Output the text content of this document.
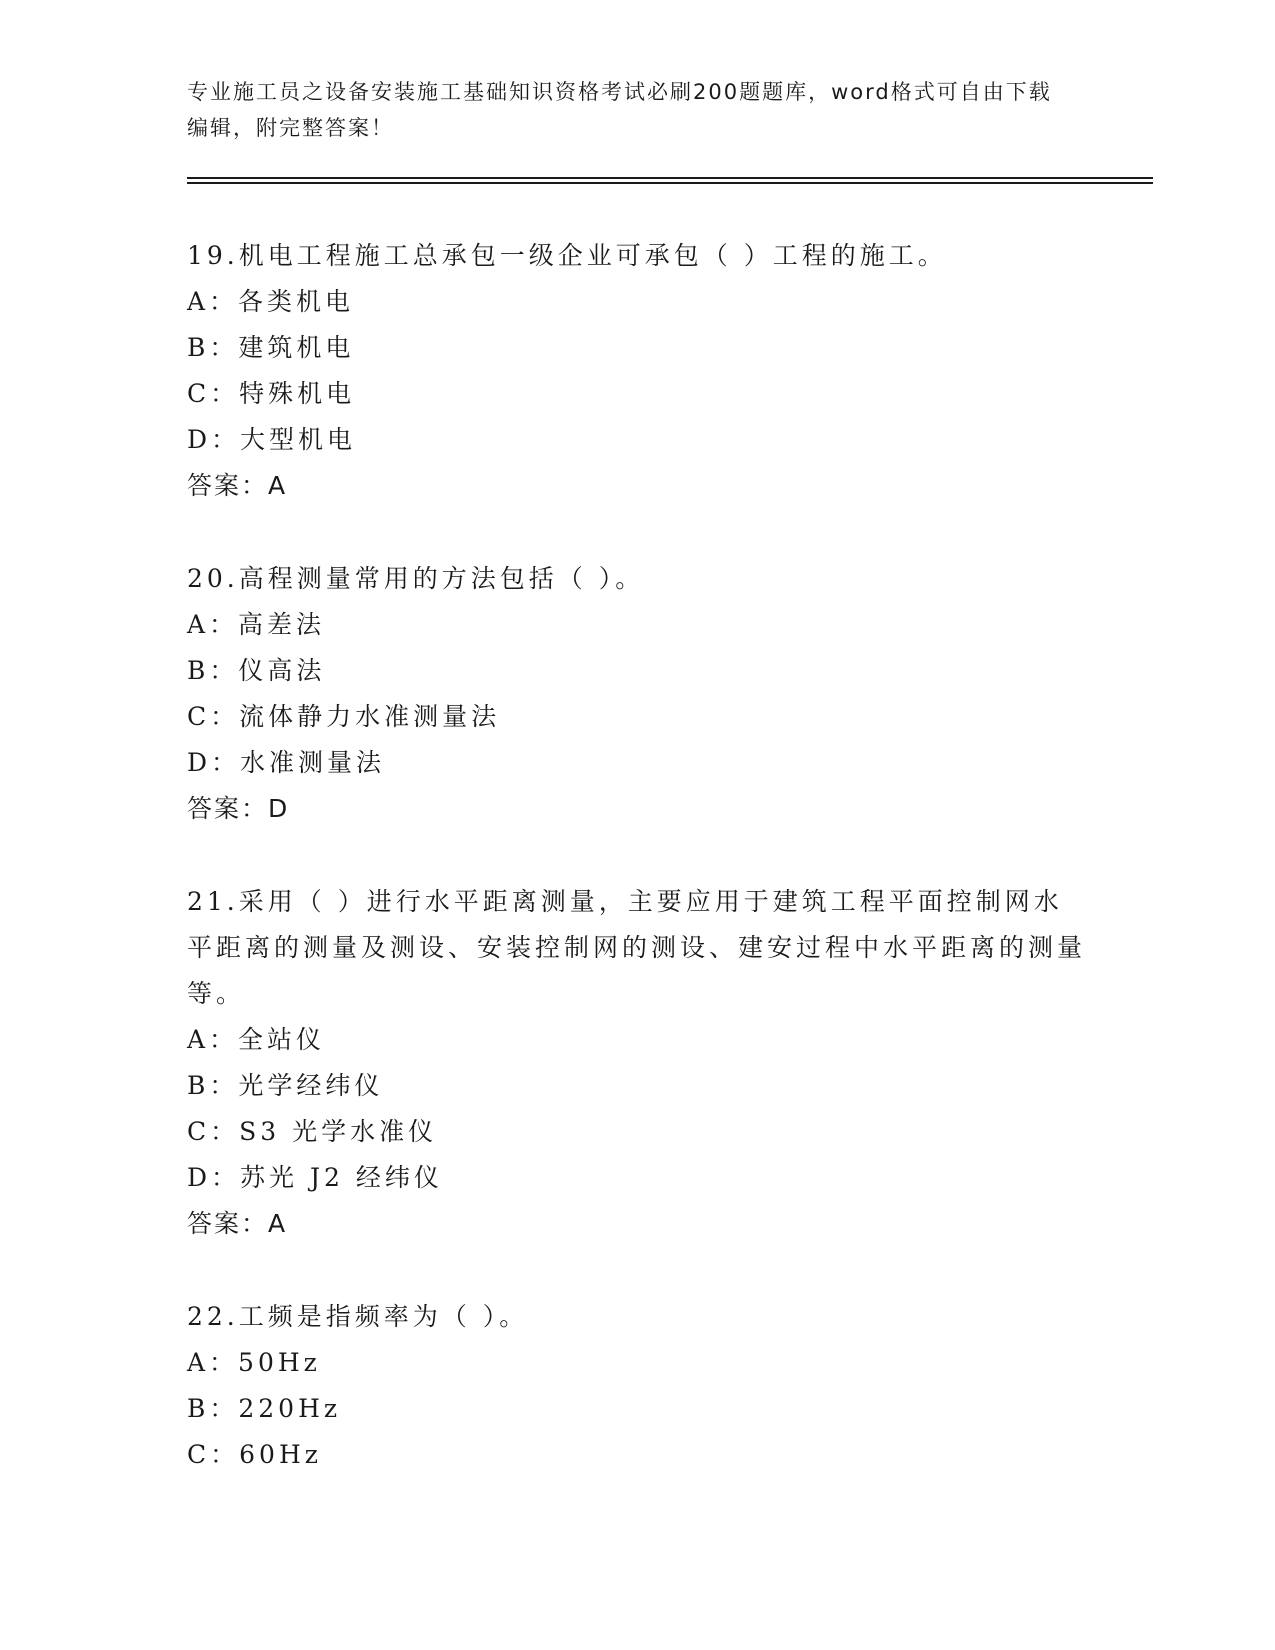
专业施工员之设备安装施工基础知识资格考试必刷200题题库，word格式可自由下载编辑，附完整答案！

19.机电工程施工总承包一级企业可承包（ ）工程的施工。

A：各类机电

B：建筑机电

C：特殊机电

D：大型机电

答案：A

20.高程测量常用的方法包括（ ）。

A：高差法

B：仪高法

C：流体静力水准测量法

D：水准测量法

答案：D

21.采用（ ）进行水平距离测量，主要应用于建筑工程平面控制网水平距离的测量及测设、安装控制网的测设、建安过程中水平距离的测量等。

A：全站仪

B：光学经纬仪

C：S3 光学水准仪

D：苏光 J2 经纬仪

答案：A

22.工频是指频率为（ ）。

A：50Hz

B：220Hz

C：60Hz
